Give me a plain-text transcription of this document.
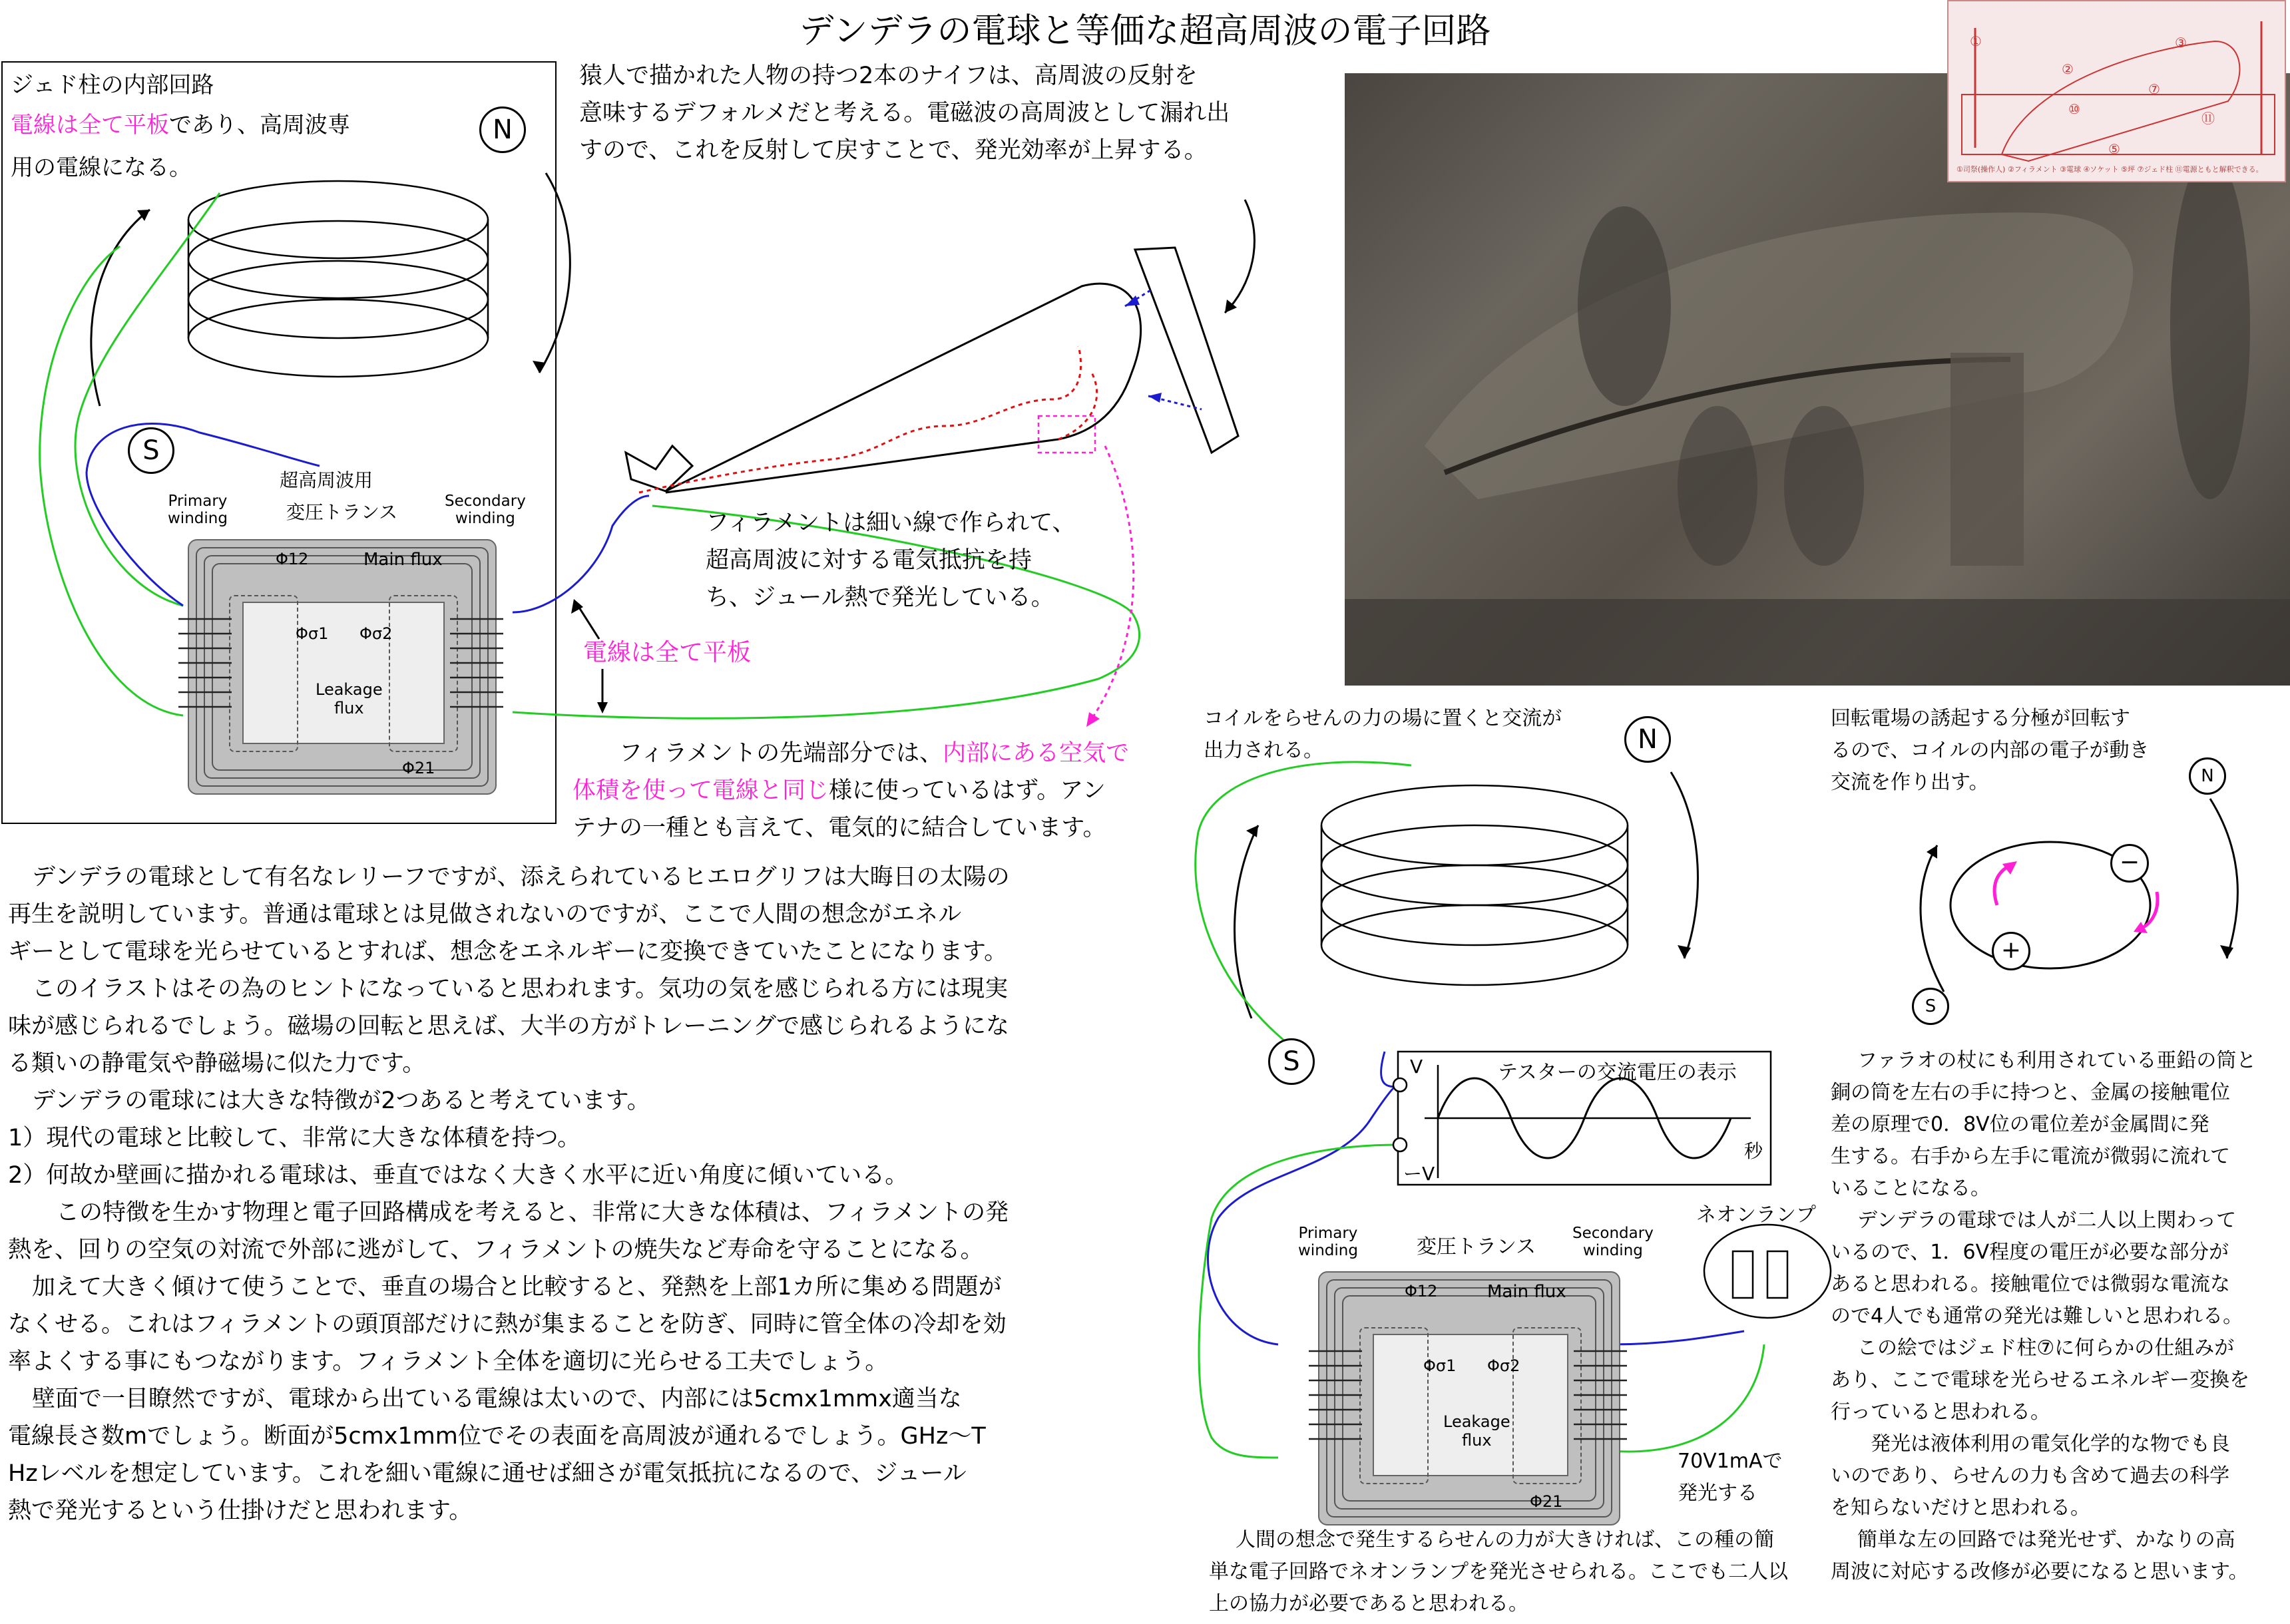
デンデラの電球と等価な超高周波の電子回路
ジェド柱の内部回路
電線は全て平板であり、高周波専
用の電線になる。
N
S
超高周波用
変圧トランス
Primary
winding
Secondary
winding
Φ12	Main flux
Φσ1 Φσ2
Leakage
flux
Φ21
猿人で描かれた人物の持つ2本のナイフは、高周波の反射を
意味するデフォルメだと考える。電磁波の高周波として漏れ出
すので、これを反射して戻すことで、発光効率が上昇する。
フィラメントは細い線で作られて、
超高周波に対する電気抵抗を持
ち、ジュール熱で発光している。
電線は全て平板
フィラメントの先端部分では、内部にある空気で
体積を使って電線と同じ様に使っているはず。アン
テナの一種とも言えて、電気的に結合しています。
①
②
③
⑤
⑦
⑩
⑪
①司祭(操作人) ②フィラメント ③電球 ④ソケット ⑤坪 ⑦ジェド柱 ⑪電源ともと解釈できる。
デンデラの電球として有名なレリーフですが、添えられているヒエログリフは大晦日の太陽の
再生を説明しています。普通は電球とは見做されないのですが、ここで人間の想念がエネル
ギーとして電球を光らせているとすれば、想念をエネルギーに変換できていたことになります。
このイラストはその為のヒントになっていると思われます。気功の気を感じられる方には現実
味が感じられるでしょう。磁場の回転と思えば、大半の方がトレーニングで感じられるようにな
る類いの静電気や静磁場に似た力です。
デンデラの電球には大きな特徴が2つあると考えています。
1）現代の電球と比較して、非常に大きな体積を持つ。
2）何故か壁画に描かれる電球は、垂直ではなく大きく水平に近い角度に傾いている。
この特徴を生かす物理と電子回路構成を考えると、非常に大きな体積は、フィラメントの発
熱を、回りの空気の対流で外部に逃がして、フィラメントの焼失など寿命を守ることになる。
加えて大きく傾けて使うことで、垂直の場合と比較すると、発熱を上部1カ所に集める問題が
なくせる。これはフィラメントの頭頂部だけに熱が集まることを防ぎ、同時に管全体の冷却を効
率よくする事にもつながります。フィラメント全体を適切に光らせる工夫でしょう。
壁面で一目瞭然ですが、電球から出ている電線は太いので、内部には5cmx1mmx適当な
電線長さ数mでしょう。断面が5cmx1mm位でその表面を高周波が通れるでしょう。GHz〜T
Hzレベルを想定しています。これを細い電線に通せば細さが電気抵抗になるので、ジュール
熱で発光するという仕掛けだと思われます。
コイルをらせんの力の場に置くと交流が
出力される。	N
S	テスターの交流電圧の表示
V
ーV
秒
ネオンランプ
70V1mAで
発光する
変圧トランス
Primary
winding
Secondary
winding
Φ12	Main flux
Φσ1 Φσ2
Leakage
flux
Φ21
人間の想念で発生するらせんの力が大きければ、この種の簡
単な電子回路でネオンランプを発光させられる。ここでも二人以
上の協力が必要であると思われる。
回転電場の誘起する分極が回転す
るので、コイルの内部の電子が動き
交流を作り出す。
−
+
N
S
ファラオの杖にも利用されている亜鉛の筒と
銅の筒を左右の手に持つと、金属の接触電位
差の原理で0．8V位の電位差が金属間に発
生する。右手から左手に電流が微弱に流れて
いることになる。
デンデラの電球では人が二人以上関わって
いるので、1．6V程度の電圧が必要な部分が
あると思われる。接触電位では微弱な電流な
ので4人でも通常の発光は難しいと思われる。
この絵ではジェド柱⑦に何らかの仕組みが
あり、ここで電球を光らせるエネルギー変換を
行っていると思われる。
発光は液体利用の電気化学的な物でも良
いのであり、らせんの力も含めて過去の科学
を知らないだけと思われる。
簡単な左の回路では発光せず、かなりの高
周波に対応する改修が必要になると思います。
